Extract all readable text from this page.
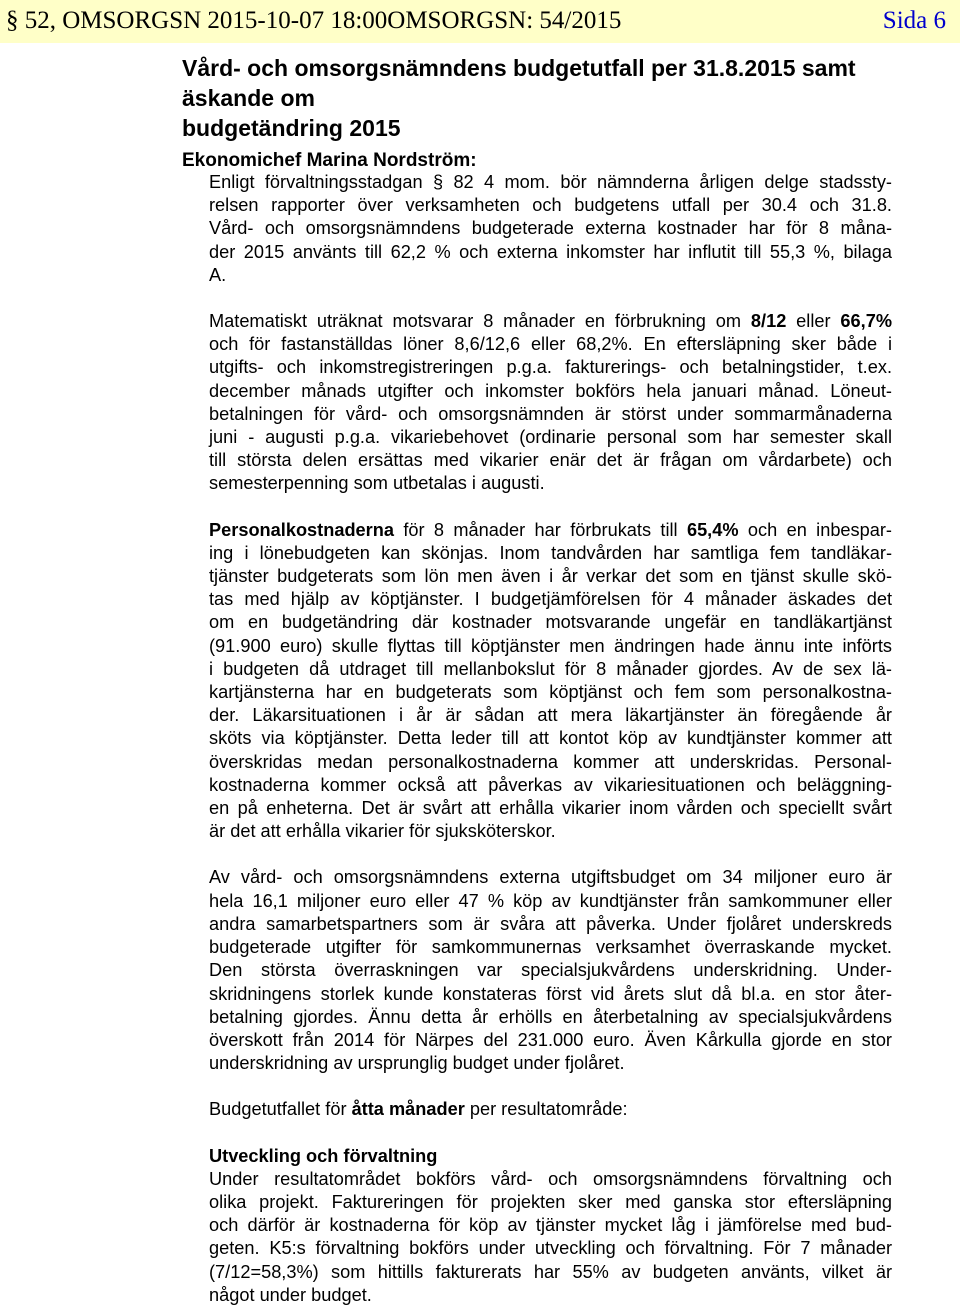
§ 52, OMSORGSN 2015-10-07 18:00OMSORGSN: 54/2015	Sida 6
Vård- och omsorgsnämndens budgetutfall per 31.8.2015 samt äskande om
budgetändring 2015
Ekonomichef Marina Nordström:

Enligt förvaltningsstadgan § 82 4 mom. bör nämnderna årligen delge stadssty-
relsen rapporter över verksamheten och budgetens utfall per 30.4 och 31.8.
Vård- och omsorgsnämndens budgeterade externa kostnader har för 8 måna-
der 2015 använts till 62,2 % och externa inkomster har influtit till 55,3 %, bilaga
A.

Matematiskt uträknat motsvarar 8 månader en förbrukning om 8/12 eller 66,7%
och för fastanställdas löner 8,6/12,6 eller 68,2%. En eftersläpning sker både i
utgifts- och inkomstregistreringen p.g.a. fakturerings- och betalningstider, t.ex.
december månads utgifter och inkomster bokförs hela januari månad. Löneut-
betalningen för vård- och omsorgsnämnden är störst under sommarmånaderna
juni - augusti p.g.a. vikariebehovet (ordinarie personal som har semester skall
till största delen ersättas med vikarier enär det är frågan om vårdarbete) och
semesterpenning som utbetalas i augusti.

Personalkostnaderna för 8 månader har förbrukats till 65,4% och en inbespar-
ing i lönebudgeten kan skönjas. Inom tandvården har samtliga fem tandläkar-
tjänster budgeterats som lön men även i år verkar det som en tjänst skulle skö-
tas med hjälp av köptjänster. I budgetjämförelsen för 4 månader äskades det
om en budgetändring där kostnader motsvarande ungefär en tandläkartjänst
(91.900 euro) skulle flyttas till köptjänster men ändringen hade ännu inte införts
i budgeten då utdraget till mellanbokslut för 8 månader gjordes. Av de sex lä-
kartjänsterna har en budgeterats som köptjänst och fem som personalkostna-
der. Läkarsituationen i år är sådan att mera läkartjänster än föregående år
sköts via köptjänster. Detta leder till att kontot köp av kundtjänster kommer att
överskridas medan personalkostnaderna kommer att underskridas. Personal-
kostnaderna kommer också att påverkas av vikariesituationen och beläggning-
en på enheterna. Det är svårt att erhålla vikarier inom vården och speciellt svårt
är det att erhålla vikarier för sjuksköterskor.

Av vård- och omsorgsnämndens externa utgiftsbudget om 34 miljoner euro är
hela 16,1 miljoner euro eller 47 % köp av kundtjänster från samkommuner eller
andra samarbetspartners som är svåra att påverka. Under fjolåret underskreds
budgeterade utgifter för samkommunernas verksamhet överraskande mycket.
Den största överraskningen var specialsjukvårdens underskridning. Under-
skridningens storlek kunde konstateras först vid årets slut då bl.a. en stor åter-
betalning gjordes. Ännu detta år erhölls en återbetalning av specialsjukvårdens
överskott från 2014 för Närpes del 231.000 euro. Även Kårkulla gjorde en stor
underskridning av ursprunglig budget under fjolåret.

Budgetutfallet för åtta månader per resultatområde:

Utveckling och förvaltning
Under resultatområdet bokförs vård- och omsorgsnämndens förvaltning och
olika projekt. Faktureringen för projekten sker med ganska stor eftersläpning
och därför är kostnaderna för köp av tjänster mycket låg i jämförelse med bud-
geten. K5:s förvaltning bokförs under utveckling och förvaltning. För 7 månader
(7/12=58,3%) som hittills fakturerats har 55% av budgeten använts, vilket är
något under budget.
